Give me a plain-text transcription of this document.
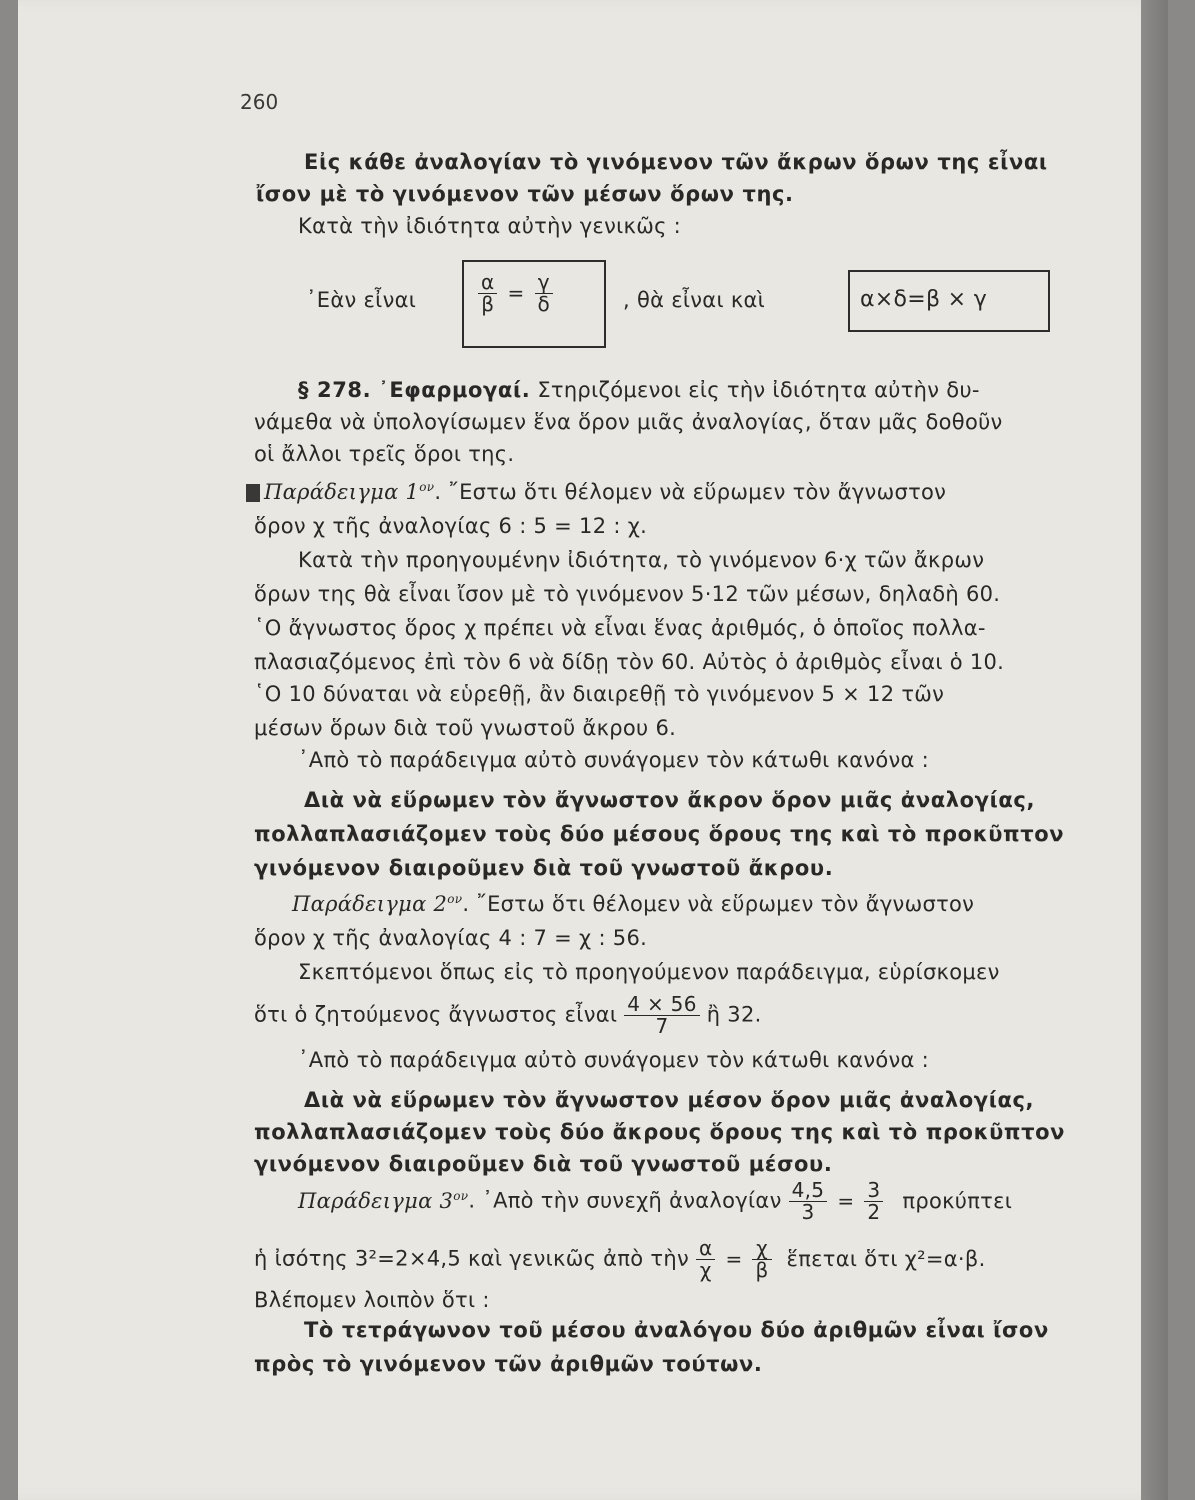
260
Εἰς κάθε ἀναλογίαν τὸ γινόμενον τῶν ἄκρων ὅρων της εἶναι
ἴσον μὲ τὸ γινόμενον τῶν μέσων ὅρων της.
Κατὰ τὴν ἰδιότητα αὐτὴν γενικῶς :
᾿Εὰν εἶναι	$\frac{\alpha}{\beta} = \frac{\gamma}{\delta}$	, θὰ εἶναι καὶ	α×δ=β × γ
§ 278. ᾿Εφαρμογαί. Στηριζόμενοι εἰς τὴν ἰδιότητα αὐτὴν δυ-
νάμεθα νὰ ὑπολογίσωμεν ἕνα ὅρον μιᾶς ἀναλογίας, ὅταν μᾶς δοθοῦν
οἱ ἄλλοι τρεῖς ὅροι της.
Παράδειγμα $1^{o\nu}$. ῎Εστω ὅτι θέλομεν νὰ εὕρωμεν τὸν ἄγνωστον
ὅρον χ τῆς ἀναλογίας 6 : 5 = 12 : χ.
Κατὰ τὴν προηγουμένην ἰδιότητα, τὸ γινόμενον 6·χ τῶν ἄκρων
ὅρων της θὰ εἶναι ἴσον μὲ τὸ γινόμενον 5·12 τῶν μέσων, δηλαδὴ 60.
῾Ο ἄγνωστος ὅρος χ πρέπει νὰ εἶναι ἕνας ἀριθμός, ὁ ὁποῖος πολλα-
πλασιαζόμενος ἐπὶ τὸν 6 νὰ δίδῃ τὸν 60. Αὐτὸς ὁ ἀριθμὸς εἶναι ὁ 10.
῾Ο 10 δύναται νὰ εὑρεθῇ, ἂν διαιρεθῇ τὸ γινόμενον 5 × 12 τῶν
μέσων ὅρων διὰ τοῦ γνωστοῦ ἄκρου 6.
᾿Απὸ τὸ παράδειγμα αὐτὸ συνάγομεν τὸν κάτωθι κανόνα :
Διὰ νὰ εὕρωμεν τὸν ἄγνωστον ἄκρον ὅρον μιᾶς ἀναλογίας,
πολλαπλασιάζομεν τοὺς δύο μέσους ὅρους της καὶ τὸ προκῦπτον
γινόμενον διαιροῦμεν διὰ τοῦ γνωστοῦ ἄκρου.
Παράδειγμα $2^{o\nu}$. ῎Εστω ὅτι θέλομεν νὰ εὕρωμεν τὸν ἄγνωστον
ὅρον χ τῆς ἀναλογίας 4 : 7 = χ : 56.
Σκεπτόμενοι ὅπως εἰς τὸ προηγούμενον παράδειγμα, εὑρίσκομεν
ὅτι ὁ ζητούμενος ἄγνωστος εἶναι $\frac{4 \times 56}{7}$ ἢ 32.
᾿Απὸ τὸ παράδειγμα αὐτὸ συνάγομεν τὸν κάτωθι κανόνα :
Διὰ νὰ εὕρωμεν τὸν ἄγνωστον μέσον ὅρον μιᾶς ἀναλογίας,
πολλαπλασιάζομεν τοὺς δύο ἄκρους ὅρους της καὶ τὸ προκῦπτον
γινόμενον διαιροῦμεν διὰ τοῦ γνωστοῦ μέσου.
Παράδειγμα $3^{o\nu}$. ᾿Απὸ τὴν συνεχῆ ἀναλογίαν $\frac{4,5}{3} = \frac{3}{2}$ προκύπτει
ἡ ἰσότης 3²=2×4,5 καὶ γενικῶς ἀπὸ τὴν $\frac{\alpha}{\chi} = \frac{\chi}{\beta}$ ἕπεται ὅτι χ²=α·β.
Βλέπομεν λοιπὸν ὅτι :
Τὸ τετράγωνον τοῦ μέσου ἀναλόγου δύο ἀριθμῶν εἶναι ἴσον
πρὸς τὸ γινόμενον τῶν ἀριθμῶν τούτων.
